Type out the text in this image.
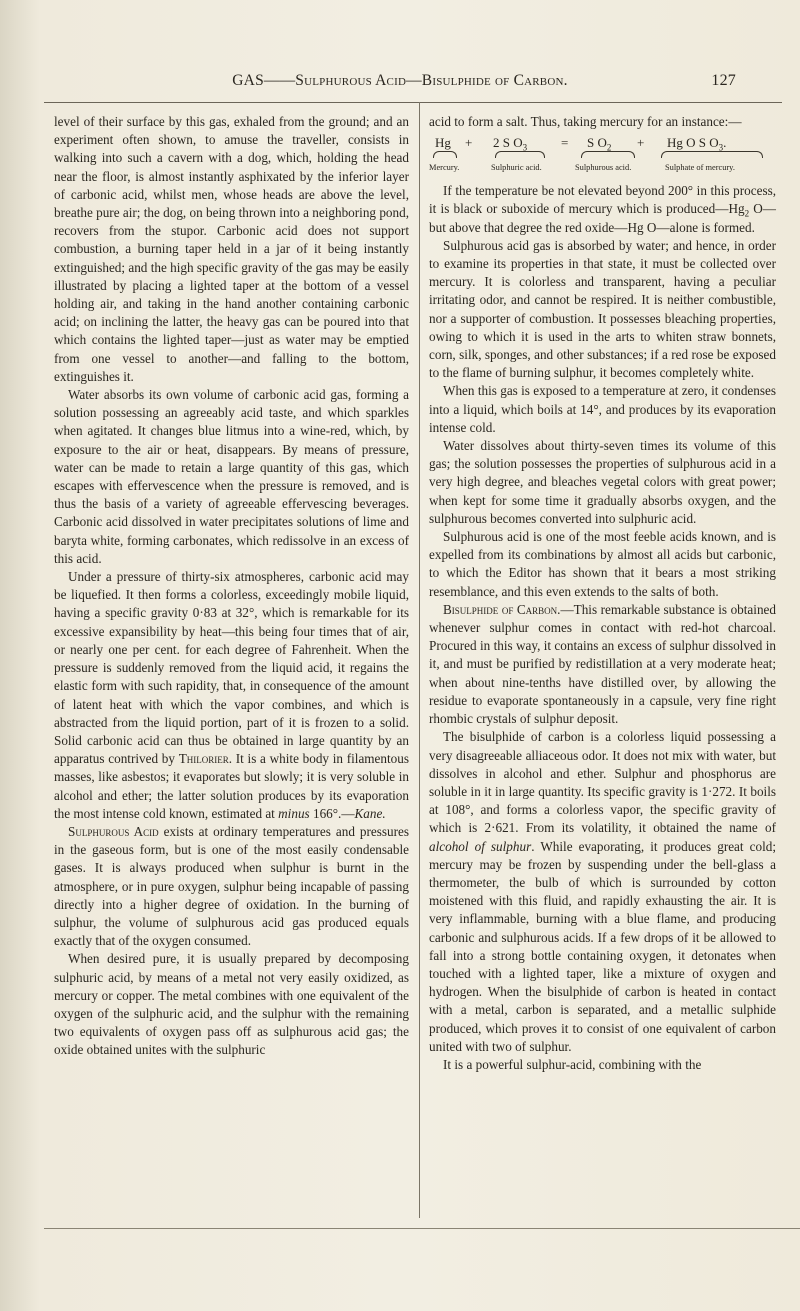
GAS——Sulphurous Acid—Bisulphide of Carbon.	127

level of their surface by this gas, exhaled from the ground; and an experiment often shown, to amuse the traveller, consists in walking into such a cavern with a dog, which, holding the head near the floor, is almost instantly asphixated by the inferior layer of carbonic acid, whilst men, whose heads are above the level, breathe pure air; the dog, on being thrown into a neighboring pond, recovers from the stupor. Carbonic acid does not support combustion, a burning taper held in a jar of it being instantly extinguished; and the high specific gravity of the gas may be easily illustrated by placing a lighted taper at the bottom of a vessel holding air, and taking in the hand another containing carbonic acid; on inclining the latter, the heavy gas can be poured into that which contains the lighted taper—just as water may be emptied from one vessel to another—and falling to the bottom, extinguishes it.

Water absorbs its own volume of carbonic acid gas, forming a solution possessing an agreeably acid taste, and which sparkles when agitated. It changes blue litmus into a wine-red, which, by exposure to the air or heat, disappears. By means of pressure, water can be made to retain a large quantity of this gas, which escapes with effervescence when the pressure is removed, and is thus the basis of a variety of agreeable effervescing beverages. Carbonic acid dissolved in water precipitates solutions of lime and baryta white, forming carbonates, which redissolve in an excess of this acid.

Under a pressure of thirty-six atmospheres, carbonic acid may be liquefied. It then forms a colorless, exceedingly mobile liquid, having a specific gravity 0·83 at 32°, which is remarkable for its excessive expansibility by heat—this being four times that of air, or nearly one per cent. for each degree of Fahrenheit. When the pressure is suddenly removed from the liquid acid, it regains the elastic form with such rapidity, that, in consequence of the amount of latent heat with which the vapor combines, and which is abstracted from the liquid portion, part of it is frozen to a solid. Solid carbonic acid can thus be obtained in large quantity by an apparatus contrived by Thilorier. It is a white body in filamentous masses, like asbestos; it evaporates but slowly; it is very soluble in alcohol and ether; the latter solution produces by its evaporation the most intense cold known, estimated at minus 166°.—Kane.

Sulphurous Acid exists at ordinary temperatures and pressures in the gaseous form, but is one of the most easily condensable gases. It is always produced when sulphur is burnt in the atmosphere, or in pure oxygen, sulphur being incapable of passing directly into a higher degree of oxidation. In the burning of sulphur, the volume of sulphurous acid gas produced equals exactly that of the oxygen consumed.

When desired pure, it is usually prepared by decomposing sulphuric acid, by means of a metal not very easily oxidized, as mercury or copper. The metal combines with one equivalent of the oxygen of the sulphuric acid, and the sulphur with the remaining two equivalents of oxygen pass off as sulphurous acid gas; the oxide obtained unites with the sulphuric

acid to form a salt. Thus, taking mercury for an instance:—

Hg + 2 S $O_3$	= S $O_2 + Hg$ O S $O_3$.
Mercury.	Sulphuric acid.	Sulphurous acid.	Sulphate of mercury.

If the temperature be not elevated beyond 200° in this process, it is black or suboxide of mercury which is $produced—Hg_2$ O—but above that degree the red oxide—Hg O—alone is formed.

Sulphurous acid gas is absorbed by water; and hence, in order to examine its properties in that state, it must be collected over mercury. It is colorless and transparent, having a peculiar irritating odor, and cannot be respired. It is neither combustible, nor a supporter of combustion. It possesses bleaching properties, owing to which it is used in the arts to whiten straw bonnets, corn, silk, sponges, and other substances; if a red rose be exposed to the flame of burning sulphur, it becomes completely white.

When this gas is exposed to a temperature at zero, it condenses into a liquid, which boils at 14°, and produces by its evaporation intense cold.

Water dissolves about thirty-seven times its volume of this gas; the solution possesses the properties of sulphurous acid in a very high degree, and bleaches vegetal colors with great power; when kept for some time it gradually absorbs oxygen, and the sulphurous becomes converted into sulphuric acid.

Sulphurous acid is one of the most feeble acids known, and is expelled from its combinations by almost all acids but carbonic, to which the Editor has shown that it bears a most striking resemblance, and this even extends to the salts of both.

Bisulphide of Carbon.—This remarkable substance is obtained whenever sulphur comes in contact with red-hot charcoal. Procured in this way, it contains an excess of sulphur dissolved in it, and must be purified by redistillation at a very moderate heat; when about nine-tenths have distilled over, by allowing the residue to evaporate spontaneously in a capsule, very fine right rhombic crystals of sulphur deposit.

The bisulphide of carbon is a colorless liquid possessing a very disagreeable alliaceous odor. It does not mix with water, but dissolves in alcohol and ether. Sulphur and phosphorus are soluble in it in large quantity. Its specific gravity is 1·272. It boils at 108°, and forms a colorless vapor, the specific gravity of which is 2·621. From its volatility, it obtained the name of alcohol of sulphur. While evaporating, it produces great cold; mercury may be frozen by suspending under the bell-glass a thermometer, the bulb of which is surrounded by cotton moistened with this fluid, and rapidly exhausting the air. It is very inflammable, burning with a blue flame, and producing carbonic and sulphurous acids. If a few drops of it be allowed to fall into a strong bottle containing oxygen, it detonates when touched with a lighted taper, like a mixture of oxygen and hydrogen. When the bisulphide of carbon is heated in contact with a metal, carbon is separated, and a metallic sulphide produced, which proves it to consist of one equivalent of carbon united with two of sulphur.

It is a powerful sulphur-acid, combining with the
